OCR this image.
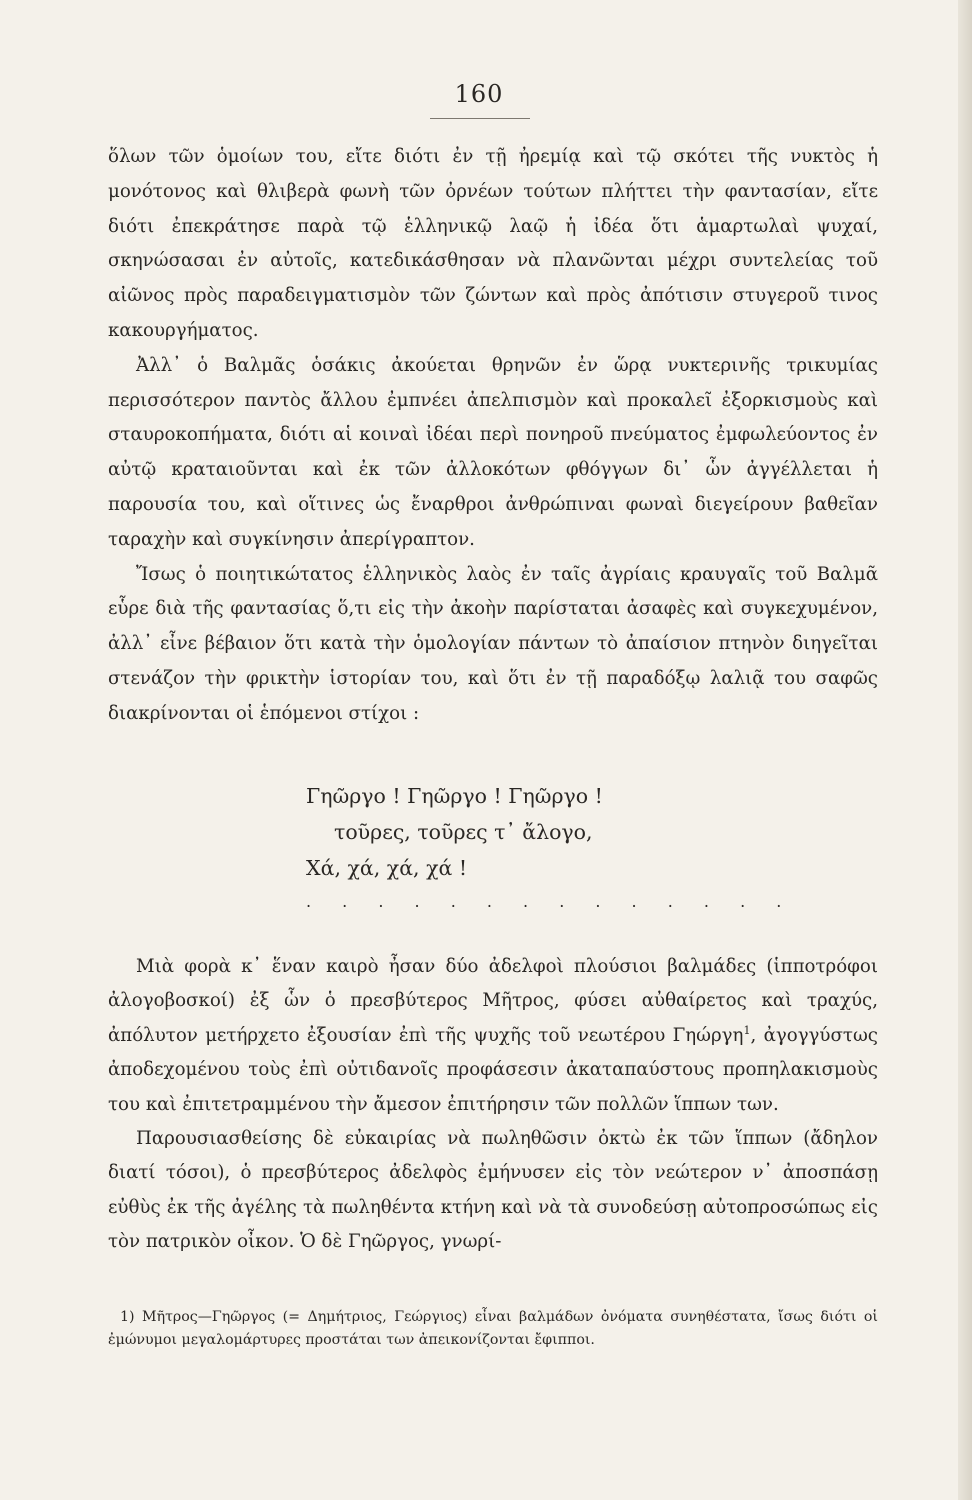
160

ὅλων τῶν ὁμοίων του, εἴτε διότι ἐν τῇ ἠρεμίᾳ καὶ τῷ σκότει τῆς νυκτὸς ἡ μονότονος καὶ θλιβερὰ φωνὴ τῶν ὀρνέων τούτων πλήττει τὴν φαντασίαν, εἴτε διότι ἐπεκράτησε παρὰ τῷ ἑλληνικῷ λαῷ ἡ ἰδέα ὅτι ἁμαρτωλαὶ ψυχαί, σκηνώσασαι ἐν αὐτοῖς, κατεδικάσθησαν νὰ πλανῶνται μέχρι συντελείας τοῦ αἰῶνος πρὸς παραδειγματισμὸν τῶν ζώντων καὶ πρὸς ἀπότισιν στυγεροῦ τινος κακουργήματος.

Ἀλλ᾽ ὁ Βαλμᾶς ὁσάκις ἀκούεται θρηνῶν ἐν ὥρᾳ νυκτερινῆς τρικυμίας περισσότερον παντὸς ἄλλου ἐμπνέει ἀπελπισμὸν καὶ προκαλεῖ ἐξορκισμοὺς καὶ σταυροκοπήματα, διότι αἱ κοιναὶ ἰδέαι περὶ πονηροῦ πνεύματος ἐμφωλεύοντος ἐν αὐτῷ κραταιοῦνται καὶ ἐκ τῶν ἀλλοκότων φθόγγων δι᾽ ὧν ἀγγέλλεται ἡ παρουσία του, καὶ οἵτινες ὡς ἔναρθροι ἀνθρώπιναι φωναὶ διεγείρουν βαθεῖαν ταραχὴν καὶ συγκίνησιν ἀπερίγραπτον.

Ἴσως ὁ ποιητικώτατος ἑλληνικὸς λαὸς ἐν ταῖς ἀγρίαις κραυγαῖς τοῦ Βαλμᾶ εὗρε διὰ τῆς φαντασίας ὅ,τι εἰς τὴν ἀκοὴν παρίσταται ἀσαφὲς καὶ συγκεχυμένον, ἀλλ᾽ εἶνε βέβαιον ὅτι κατὰ τὴν ὁμολογίαν πάντων τὸ ἀπαίσιον πτηνὸν διηγεῖται στενάζον τὴν φρικτὴν ἱστορίαν του, καὶ ὅτι ἐν τῇ παραδόξῳ λαλιᾷ του σαφῶς διακρίνονται οἱ ἑπόμενοι στίχοι :

Γηῶργο ! Γηῶργο ! Γηῶργο !
τοῦρες, τοῦρες τ᾽ ἄλογο,
Χά, χά, χά, χά !
. . . . . . . . . . . . . .

Μιὰ φορὰ κ᾽ ἕναν καιρὸ ἦσαν δύο ἀδελφοὶ πλούσιοι βαλμάδες (ἱπποτρόφοι ἀλογοβοσκοί) ἐξ ὧν ὁ πρεσβύτερος Μῆτρος, φύσει αὐθαίρετος καὶ τραχύς, ἀπόλυτον μετήρχετο ἐξουσίαν ἐπὶ τῆς ψυχῆς τοῦ νεωτέρου Γηώργη$^1$, ἀγογγύστως ἀποδεχομένου τοὺς ἐπὶ οὐτιδανοῖς προφάσεσιν ἀκαταπαύστους προπηλακισμοὺς του καὶ ἐπιτετραμμένου τὴν ἄμεσον ἐπιτήρησιν τῶν πολλῶν ἵππων των.

Παρουσιασθείσης δὲ εὐκαιρίας νὰ πωληθῶσιν ὀκτὼ ἐκ τῶν ἵππων (ἄδηλον διατί τόσοι), ὁ πρεσβύτερος ἀδελφὸς ἐμήνυσεν εἰς τὸν νεώτερον ν᾽ ἀποσπάσῃ εὐθὺς ἐκ τῆς ἀγέλης τὰ πωληθέντα κτήνη καὶ νὰ τὰ συνοδεύσῃ αὐτοπροσώπως εἰς τὸν πατρικὸν οἶκον. Ὁ δὲ Γηῶργος, γνωρί-

1) Μῆτρος—Γηῶργος (= Δημήτριος, Γεώργιος) εἶναι βαλμάδων ὀνόματα συνηθέστατα, ἴσως διότι οἱ ἐμώνυμοι μεγαλομάρτυρες προστάται των ἀπεικονίζονται ἔφιπποι.
